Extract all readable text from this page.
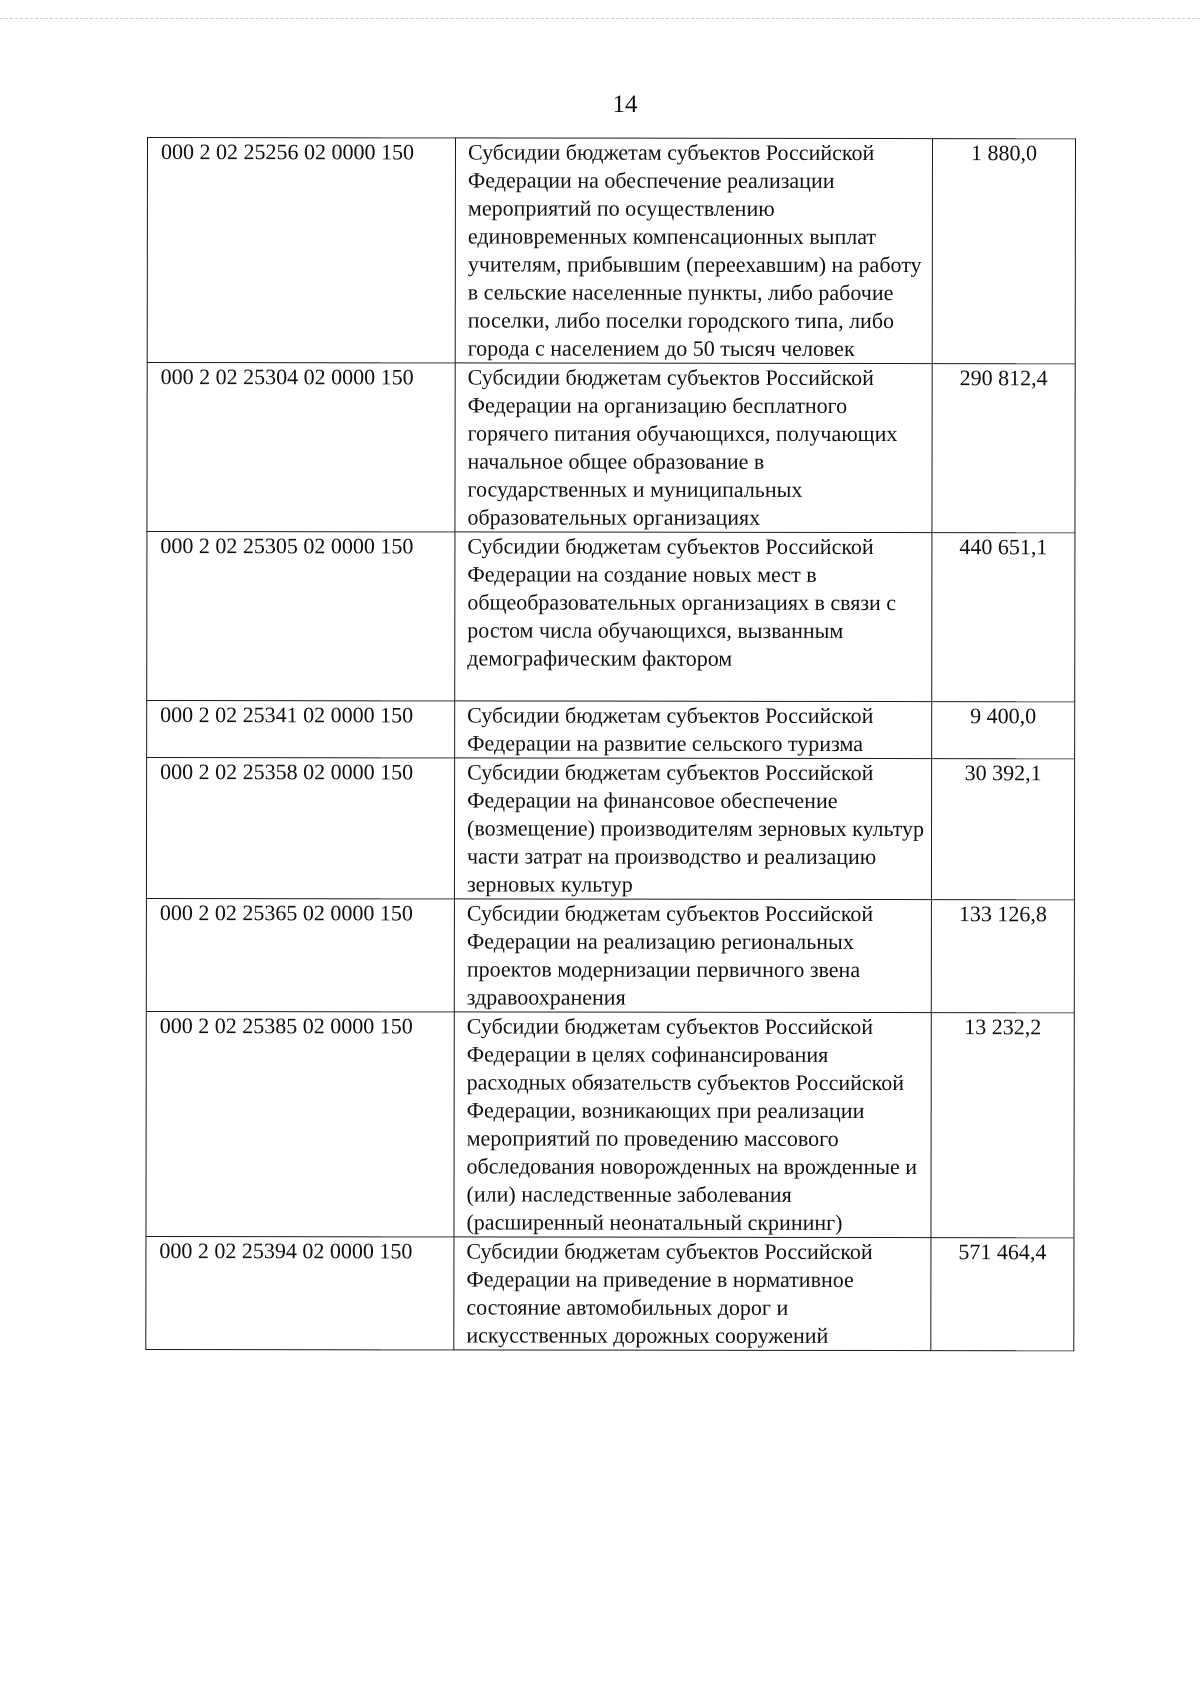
14
000 2 02 25256 02 0000 150	Субсидии бюджетам субъектов Российской Федерации на обеспечение реализации мероприятий по осуществлению единовременных компенсационных выплат учителям, прибывшим (переехавшим) на работу в сельские населенные пункты, либо рабочие поселки, либо поселки городского типа, либо города с населением до 50 тысяч человек	1 880,0
000 2 02 25304 02 0000 150	Субсидии бюджетам субъектов Российской Федерации на организацию бесплатного горячего питания обучающихся, получающих начальное общее образование в государственных и муниципальных образовательных организациях	290 812,4
000 2 02 25305 02 0000 150	Субсидии бюджетам субъектов Российской Федерации на создание новых мест в общеобразовательных организациях в связи с ростом числа обучающихся, вызванным демографическим фактором	440 651,1
000 2 02 25341 02 0000 150	Субсидии бюджетам субъектов Российской Федерации на развитие сельского туризма	9 400,0
000 2 02 25358 02 0000 150	Субсидии бюджетам субъектов Российской Федерации на финансовое обеспечение (возмещение) производителям зерновых культур части затрат на производство и реализацию зерновых культур	30 392,1
000 2 02 25365 02 0000 150	Субсидии бюджетам субъектов Российской Федерации на реализацию региональных проектов модернизации первичного звена здравоохранения	133 126,8
000 2 02 25385 02 0000 150	Субсидии бюджетам субъектов Российской Федерации в целях софинансирования расходных обязательств субъектов Российской Федерации, возникающих при реализации мероприятий по проведению массового обследования новорожденных на врожденные и (или) наследственные заболевания (расширенный неонатальный скрининг)	13 232,2
000 2 02 25394 02 0000 150	Субсидии бюджетам субъектов Российской Федерации на приведение в нормативное состояние автомобильных дорог и искусственных дорожных сооружений	571 464,4
